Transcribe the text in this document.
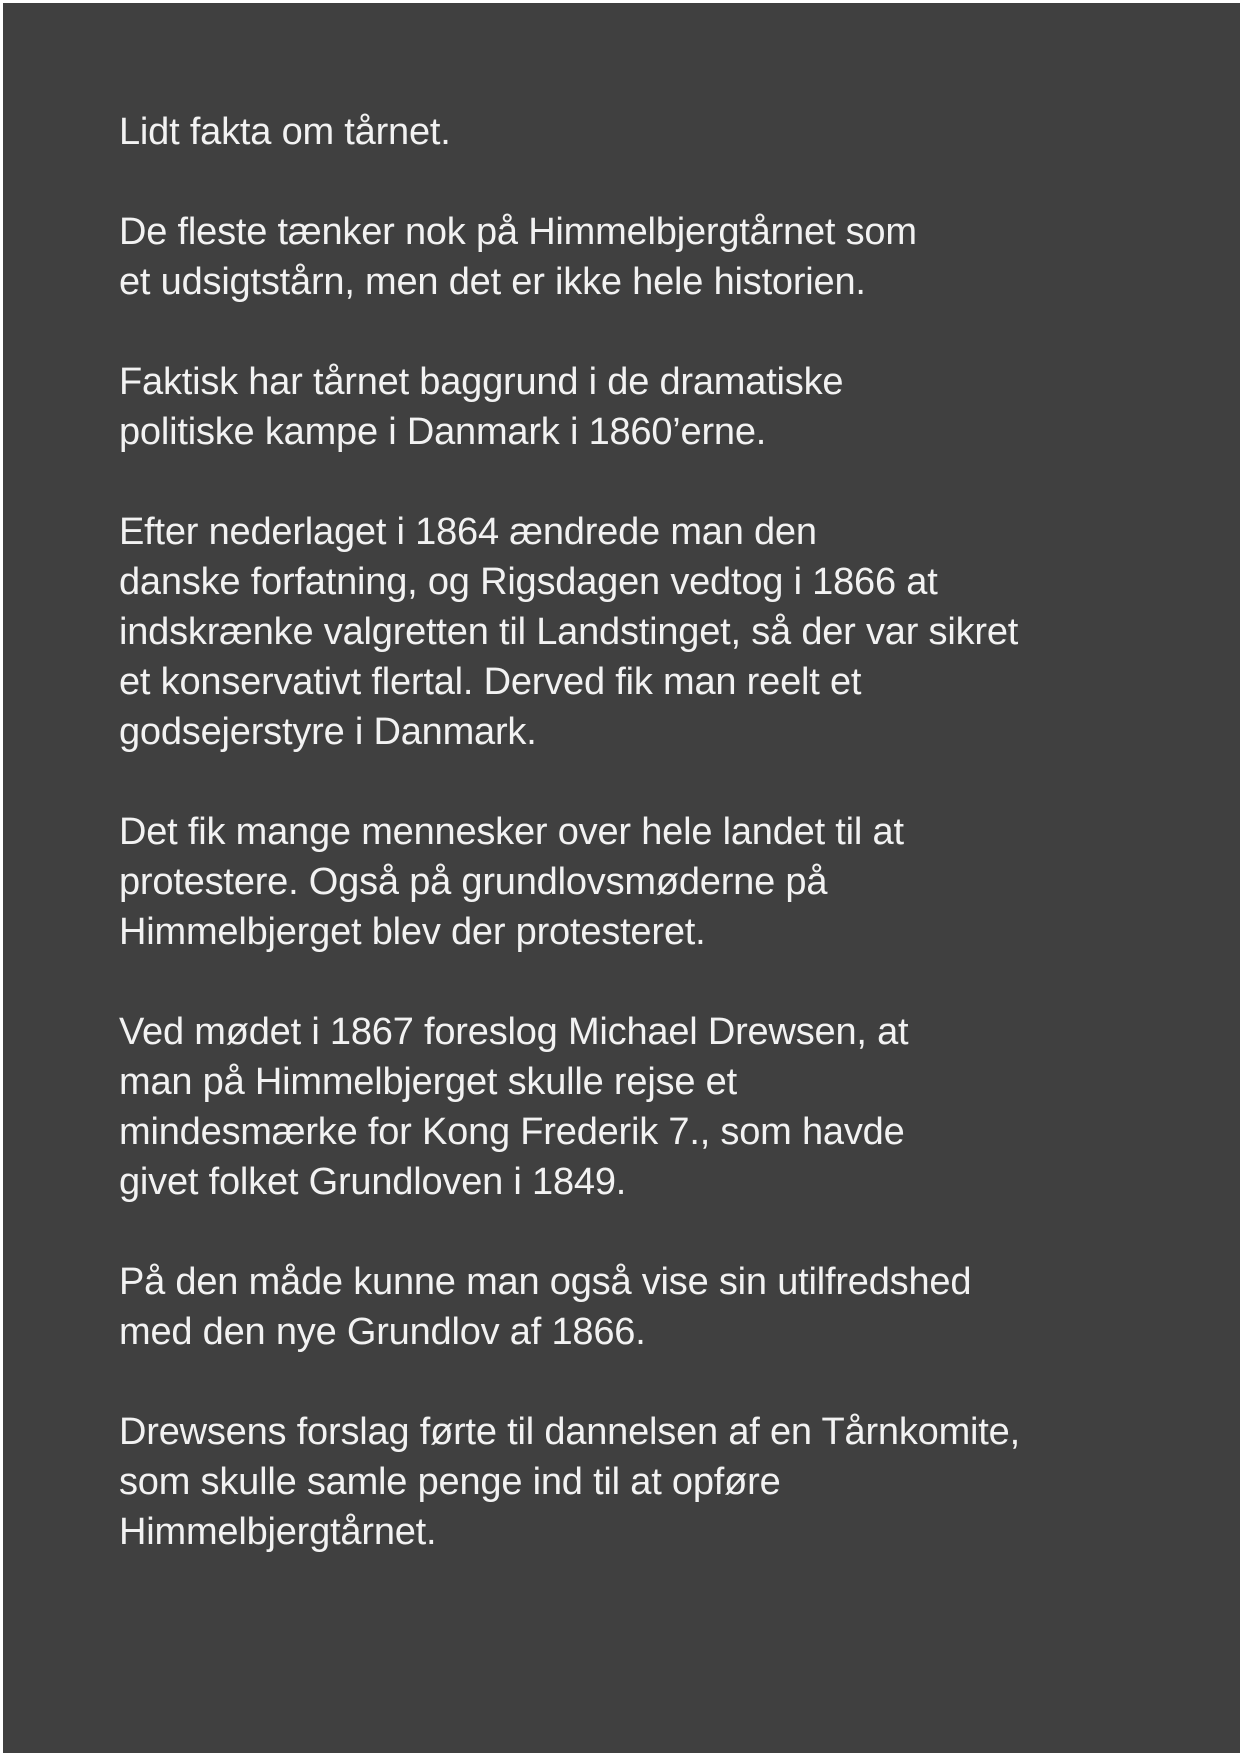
Lidt fakta om tårnet.

De fleste tænker nok på Himmelbjergtårnet som
et udsigtstårn, men det er ikke hele historien.

Faktisk har tårnet baggrund i de dramatiske
politiske kampe i Danmark i 1860’erne.

Efter nederlaget i 1864 ændrede man den
danske forfatning, og Rigsdagen vedtog i 1866 at
indskrænke valgretten til Landstinget, så der var sikret
et konservativt flertal. Derved fik man reelt et
godsejerstyre i Danmark.

Det fik mange mennesker over hele landet til at
protestere. Også på grundlovsmøderne på
Himmelbjerget blev der protesteret.

Ved mødet i 1867 foreslog Michael Drewsen, at
man på Himmelbjerget skulle rejse et
mindesmærke for Kong Frederik 7., som havde
givet folket Grundloven i 1849.

På den måde kunne man også vise sin utilfredshed
med den nye Grundlov af 1866.

Drewsens forslag førte til dannelsen af en Tårnkomite,
som skulle samle penge ind til at opføre
Himmelbjergtårnet.
